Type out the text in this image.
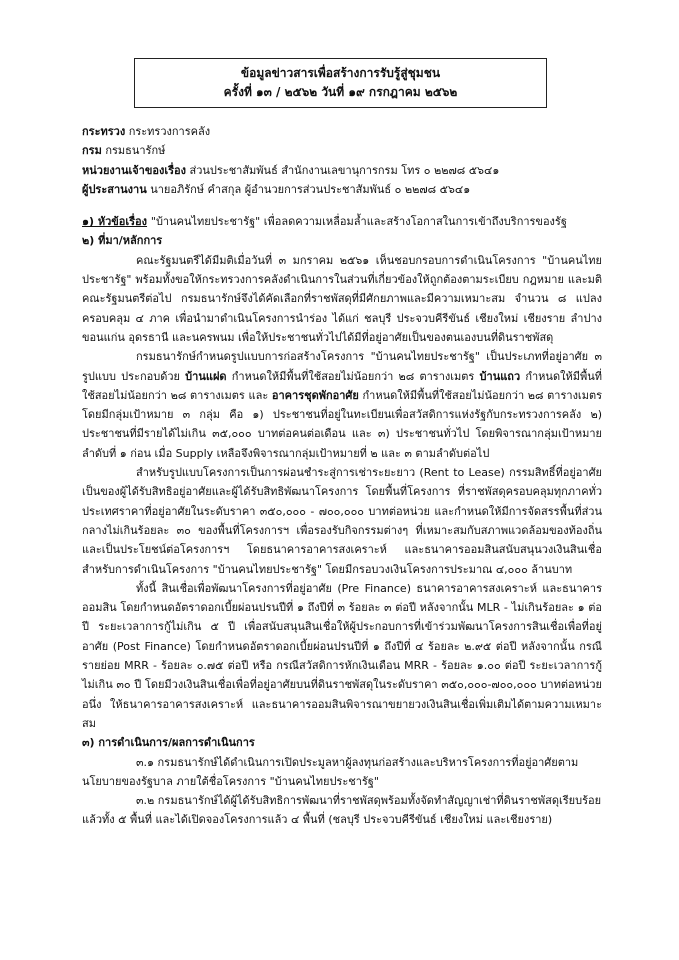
ข้อมูลข่าวสารเพื่อสร้างการรับรู้สู่ชุมชน
ครั้งที่ ๑๓ / ๒๕๖๒ วันที่ ๑๙ กรกฎาคม ๒๕๖๒
กระทรวง กระทรวงการคลัง
กรม กรมธนารักษ์
หน่วยงานเจ้าของเรื่อง ส่วนประชาสัมพันธ์ สำนักงานเลขานุการกรม โทร ๐ ๒๒๗๘ ๕๖๔๑
ผู้ประสานงาน นายอภิรักษ์ คำสกุล ผู้อำนวยการส่วนประชาสัมพันธ์ ๐ ๒๒๗๘ ๕๖๔๑
๑) หัวข้อเรื่อง "บ้านคนไทยประชารัฐ" เพื่อลดความเหลื่อมล้ำและสร้างโอกาสในการเข้าถึงบริการของรัฐ
๒) ที่มา/หลักการ

คณะรัฐมนตรีได้มีมติเมื่อวันที่ ๓ มกราคม ๒๕๖๑ เห็นชอบกรอบการดำเนินโครงการ "บ้านคนไทยประชารัฐ" พร้อมทั้งขอให้กระทรวงการคลังดำเนินการในส่วนที่เกี่ยวข้องให้ถูกต้องตามระเบียบ กฎหมาย และมติคณะรัฐมนตรีต่อไป กรมธนารักษ์จึงได้คัดเลือกที่ราชพัสดุที่มีศักยภาพและมีความเหมาะสม จำนวน ๘ แปลง ครอบคลุม ๔ ภาค เพื่อนำมาดำเนินโครงการนำร่อง ได้แก่ ชลบุรี ประจวบคีรีขันธ์ เชียงใหม่ เชียงราย ลำปาง ขอนแก่น อุดรธานี และนครพนม เพื่อให้ประชาชนทั่วไปได้มีที่อยู่อาศัยเป็นของตนเองบนที่ดินราชพัสดุ

กรมธนารักษ์กำหนดรูปแบบการก่อสร้างโครงการ "บ้านคนไทยประชารัฐ" เป็นประเภทที่อยู่อาศัย ๓ รูปแบบ ประกอบด้วย บ้านแฝด กำหนดให้มีพื้นที่ใช้สอยไม่น้อยกว่า ๒๘ ตารางเมตร บ้านแถว กำหนดให้มีพื้นที่ใช้สอยไม่น้อยกว่า ๒๘ ตารางเมตร และ อาคารชุดพักอาศัย กำหนดให้มีพื้นที่ใช้สอยไม่น้อยกว่า ๒๘ ตารางเมตรโดยมีกลุ่มเป้าหมาย ๓ กลุ่ม คือ ๑) ประชาชนที่อยู่ในทะเบียนเพื่อสวัสดิการแห่งรัฐกับกระทรวงการคลัง ๒) ประชาชนที่มีรายได้ไม่เกิน ๓๕,๐๐๐ บาทต่อคนต่อเดือน และ ๓) ประชาชนทั่วไป โดยพิจารณากลุ่มเป้าหมายลำดับที่ ๑ ก่อน เมื่อ Supply เหลือจึงพิจารณากลุ่มเป้าหมายที่ ๒ และ ๓ ตามลำดับต่อไป

สำหรับรูปแบบโครงการเป็นการผ่อนชำระสู่การเช่าระยะยาว (Rent to Lease) กรรมสิทธิ์ที่อยู่อาศัยเป็นของผู้ได้รับสิทธิอยู่อาศัยและผู้ได้รับสิทธิพัฒนาโครงการ โดยพื้นที่โครงการ ที่ราชพัสดุครอบคลุมทุกภาคทั่วประเทศราคาที่อยู่อาศัยในระดับราคา ๓๕๐,๐๐๐ - ๗๐๐,๐๐๐ บาทต่อหน่วย และกำหนดให้มีการจัดสรรพื้นที่ส่วนกลางไม่เกินร้อยละ ๓๐ ของพื้นที่โครงการฯ เพื่อรองรับกิจกรรมต่างๆ ที่เหมาะสมกับสภาพแวดล้อมของท้องถิ่น และเป็นประโยชน์ต่อโครงการฯ โดยธนาคารอาคารสงเคราะห์ และธนาคารออมสินสนับสนุนวงเงินสินเชื่อสำหรับการดำเนินโครงการ "บ้านคนไทยประชารัฐ" โดยมีกรอบวงเงินโครงการประมาณ ๔,๐๐๐ ล้านบาท

ทั้งนี้ สินเชื่อเพื่อพัฒนาโครงการที่อยู่อาศัย (Pre Finance) ธนาคารอาคารสงเคราะห์ และธนาคารออมสิน โดยกำหนดอัตราดอกเบี้ยผ่อนปรนปีที่ ๑ ถึงปีที่ ๓ ร้อยละ ๓ ต่อปี หลังจากนั้น MLR - ไม่เกินร้อยละ ๑ ต่อปี ระยะเวลาการกู้ไม่เกิน ๕ ปี เพื่อสนับสนุนสินเชื่อให้ผู้ประกอบการที่เข้าร่วมพัฒนาโครงการสินเชื่อเพื่อที่อยู่อาศัย (Post Finance) โดยกำหนดอัตราดอกเบี้ยผ่อนปรนปีที่ ๑ ถึงปีที่ ๔ ร้อยละ ๒.๙๕ ต่อปี หลังจากนั้น กรณีรายย่อย MRR - ร้อยละ ๐.๗๕ ต่อปี หรือ กรณีสวัสดิการหักเงินเดือน MRR - ร้อยละ ๑.๐๐ ต่อปี ระยะเวลาการกู้ไม่เกิน ๓๐ ปี โดยมีวงเงินสินเชื่อเพื่อที่อยู่อาศัยบนที่ดินราชพัสดุในระดับราคา ๓๕๐,๐๐๐-๗๐๐,๐๐๐ บาทต่อหน่วย อนึ่ง ให้ธนาคารอาคารสงเคราะห์ และธนาคารออมสินพิจารณาขยายวงเงินสินเชื่อเพิ่มเติมได้ตามความเหมาะสม

๓) การดำเนินการ/ผลการดำเนินการ

๓.๑ กรมธนารักษ์ได้ดำเนินการเปิดประมูลหาผู้ลงทุนก่อสร้างและบริหารโครงการที่อยู่อาศัยตามนโยบายของรัฐบาล ภายใต้ชื่อโครงการ "บ้านคนไทยประชารัฐ"

๓.๒ กรมธนารักษ์ได้ผู้ได้รับสิทธิการพัฒนาที่ราชพัสดุพร้อมทั้งจัดทำสัญญาเช่าที่ดินราชพัสดุเรียบร้อยแล้วทั้ง ๕ พื้นที่ และได้เปิดจองโครงการแล้ว ๔ พื้นที่ (ชลบุรี ประจวบคีรีขันธ์ เชียงใหม่ และเชียงราย)
